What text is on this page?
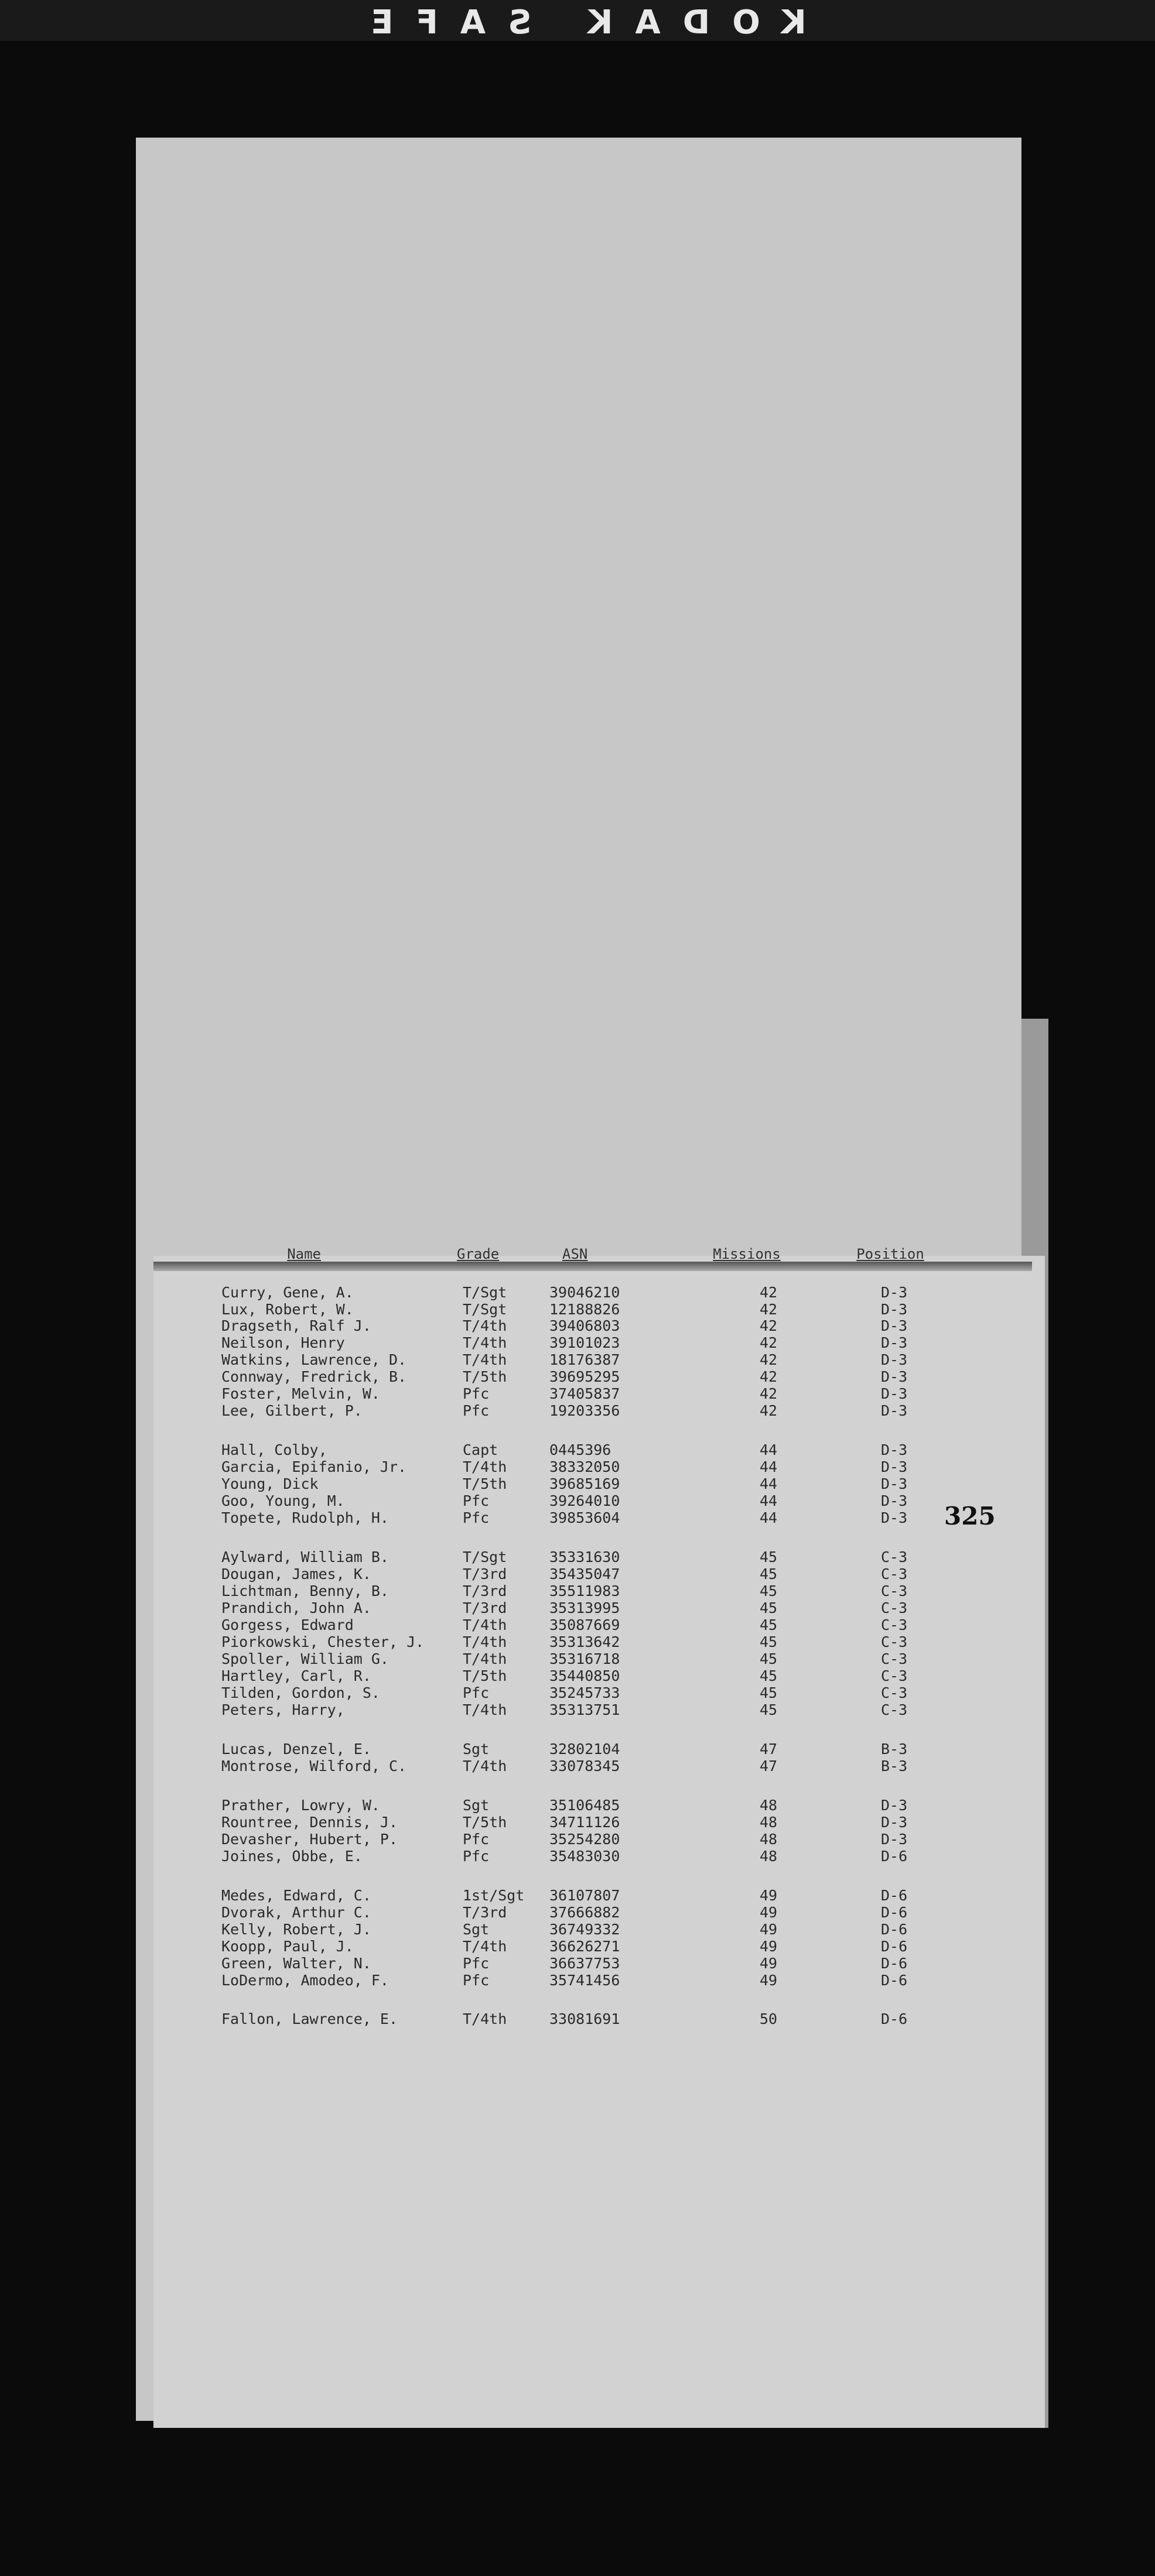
KODAK SAFE
Name	Grade	ASN	Missions	Position
Curry, Gene, A.	T/Sgt	39046210	42	D-3
Lux, Robert, W.	T/Sgt	12188826	42	D-3
Dragseth, Ralf J.	T/4th	39406803	42	D-3
Neilson, Henry	T/4th	39101023	42	D-3
Watkins, Lawrence, D.	T/4th	18176387	42	D-3
Connway, Fredrick, B.	T/5th	39695295	42	D-3
Foster, Melvin, W.	Pfc	37405837	42	D-3
Lee, Gilbert, P.	Pfc	19203356	42	D-3
Hall, Colby,	Capt	0445396	44	D-3
Garcia, Epifanio, Jr.	T/4th	38332050	44	D-3
Young, Dick	T/5th	39685169	44	D-3
Goo, Young, M.	Pfc	39264010	44	D-3
Topete, Rudolph, H.	Pfc	39853604	44	D-3
Aylward, William B.	T/Sgt	35331630	45	C-3
Dougan, James, K.	T/3rd	35435047	45	C-3
Lichtman, Benny, B.	T/3rd	35511983	45	C-3
Prandich, John A.	T/3rd	35313995	45	C-3
Gorgess, Edward	T/4th	35087669	45	C-3
Piorkowski, Chester, J.	T/4th	35313642	45	C-3
Spoller, William G.	T/4th	35316718	45	C-3
Hartley, Carl, R.	T/5th	35440850	45	C-3
Tilden, Gordon, S.	Pfc	35245733	45	C-3
Peters, Harry,	T/4th	35313751	45	C-3
Lucas, Denzel, E.	Sgt	32802104	47	B-3
Montrose, Wilford, C.	T/4th	33078345	47	B-3
Prather, Lowry, W.	Sgt	35106485	48	D-3
Rountree, Dennis, J.	T/5th	34711126	48	D-3
Devasher, Hubert, P.	Pfc	35254280	48	D-3
Joines, Obbe, E.	Pfc	35483030	48	D-6
Medes, Edward, C.	1st/Sgt 36107807	49	D-6
Dvorak, Arthur C.	T/3rd	37666882	49	D-6
Kelly, Robert, J.	Sgt	36749332	49	D-6
Koopp, Paul, J.	T/4th	36626271	49	D-6
Green, Walter, N.	Pfc	36637753	49	D-6
LoDermo, Amodeo, F.	Pfc	35741456	49	D-6
Fallon, Lawrence, E.	T/4th	33081691	50	D-6
325
